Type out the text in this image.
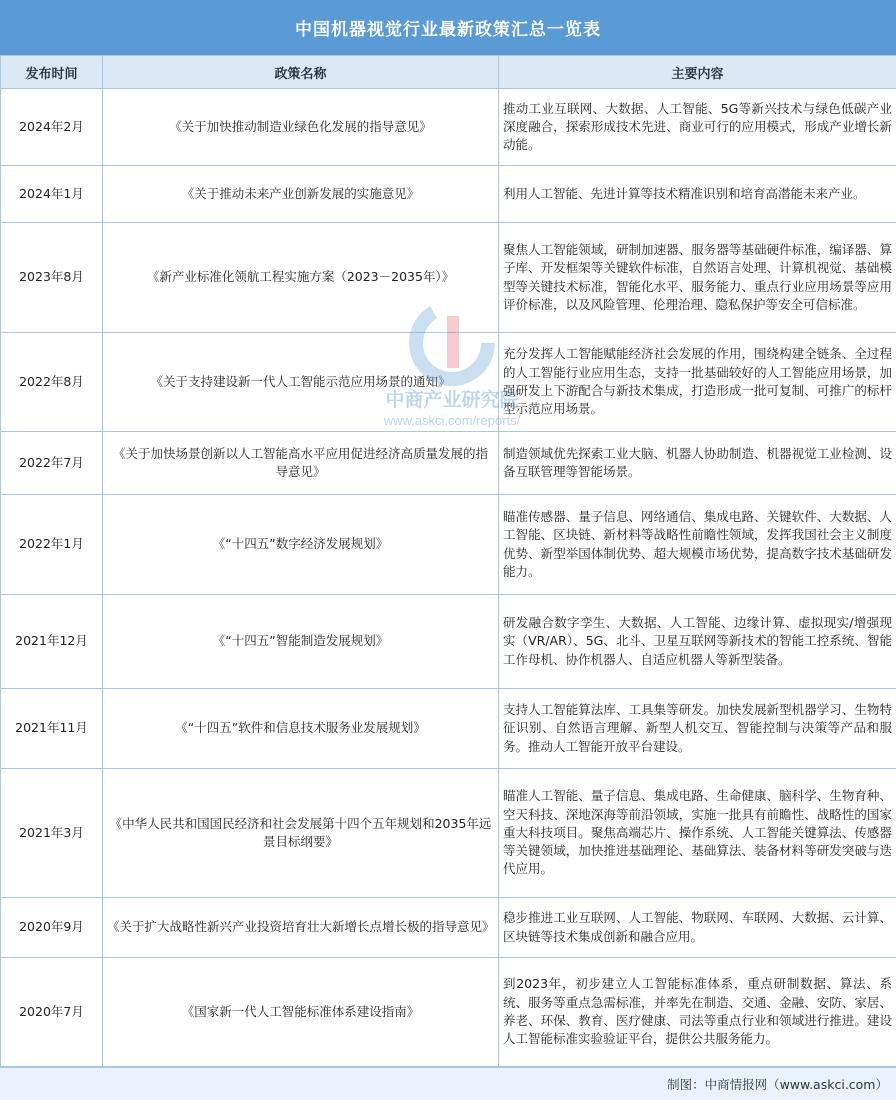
中国机器视觉行业最新政策汇总一览表
发布时间	政策名称	主要内容
2024年2月	《关于加快推动制造业绿色化发展的指导意见》	推动工业互联网、大数据、人工智能、5G等新兴技术与绿色低碳产业深度融合，探索形成技术先进、商业可行的应用模式，形成产业增长新动能。
2024年1月	《关于推动未来产业创新发展的实施意见》	利用人工智能、先进计算等技术精准识别和培育高潜能未来产业。
2023年8月	《新产业标准化领航工程实施方案（2023－2035年）》	聚焦人工智能领域，研制加速器、服务器等基础硬件标准，编译器、算子库、开发框架等关键软件标准，自然语言处理、计算机视觉、基础模型等关键技术标准，智能化水平、服务能力、重点行业应用场景等应用评价标准，以及风险管理、伦理治理、隐私保护等安全可信标准。
2022年8月	《关于支持建设新一代人工智能示范应用场景的通知》	充分发挥人工智能赋能经济社会发展的作用，围绕构建全链条、全过程的人工智能行业应用生态，支持一批基础较好的人工智能应用场景，加强研发上下游配合与新技术集成，打造形成一批可复制、可推广的标杆型示范应用场景。
2022年7月	《关于加快场景创新以人工智能高水平应用促进经济高质量发展的指导意见》	制造领域优先探索工业大脑、机器人协助制造、机器视觉工业检测、设备互联管理等智能场景。
2022年1月	《“十四五”数字经济发展规划》	瞄准传感器、量子信息、网络通信、集成电路、关键软件、大数据、人工智能、区块链、新材料等战略性前瞻性领域，发挥我国社会主义制度优势、新型举国体制优势、超大规模市场优势，提高数字技术基础研发能力。
2021年12月	《“十四五”智能制造发展规划》	研发融合数字孪生、大数据、人工智能、边缘计算、虚拟现实/增强现实（VR/AR）、5G、北斗、卫星互联网等新技术的智能工控系统、智能工作母机、协作机器人、自适应机器人等新型装备。
2021年11月	《“十四五”软件和信息技术服务业发展规划》	支持人工智能算法库、工具集等研发。加快发展新型机器学习、生物特征识别、自然语言理解、新型人机交互、智能控制与决策等产品和服务。推动人工智能开放平台建设。
2021年3月	《中华人民共和国国民经济和社会发展第十四个五年规划和2035年远景目标纲要》	瞄准人工智能、量子信息、集成电路、生命健康、脑科学、生物育种、空天科技、深地深海等前沿领域，实施一批具有前瞻性、战略性的国家重大科技项目。聚焦高端芯片、操作系统、人工智能关键算法、传感器等关键领域，加快推进基础理论、基础算法、装备材料等研发突破与迭代应用。
2020年9月	《关于扩大战略性新兴产业投资培育壮大新增长点增长极的指导意见》	稳步推进工业互联网、人工智能、物联网、车联网、大数据、云计算、区块链等技术集成创新和融合应用。
2020年7月	《国家新一代人工智能标准体系建设指南》	到2023年，初步建立人工智能标准体系，重点研制数据、算法、系统、服务等重点急需标准，并率先在制造、交通、金融、安防、家居、养老、环保、教育、医疗健康、司法等重点行业和领域进行推进。建设人工智能标准实验验证平台，提供公共服务能力。
中商产业研究院
www.askci.com/reports/
制图：中商情报网（www.askci.com）
